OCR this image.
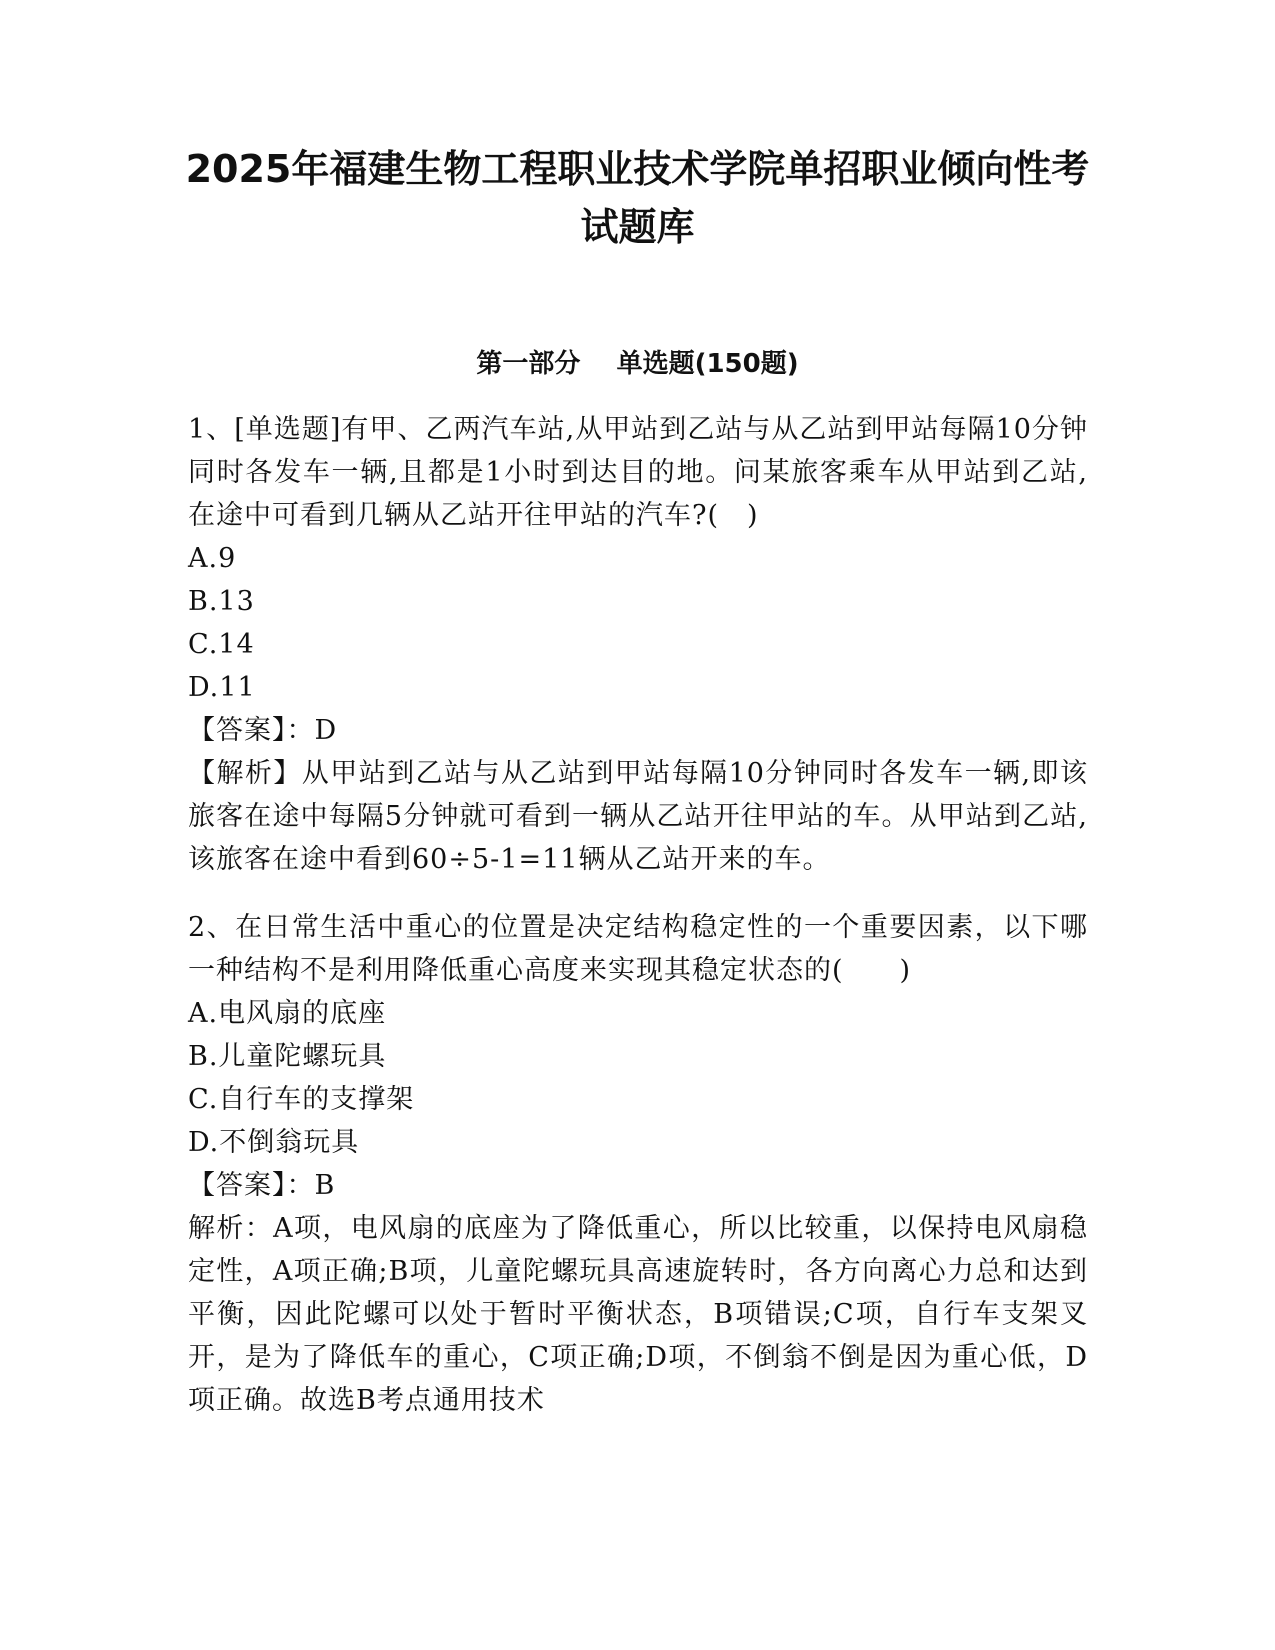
2025年福建生物工程职业技术学院单招职业倾向性考
试题库
第一部分    单选题(150题)

1、[单选题]有甲、乙两汽车站,从甲站到乙站与从乙站到甲站每隔10分钟同时各发车一辆,且都是1小时到达目的地。问某旅客乘车从甲站到乙站,在途中可看到几辆从乙站开往甲站的汽车?( )

A.9

B.13

C.14

D.11

【答案】：D

【解析】从甲站到乙站与从乙站到甲站每隔10分钟同时各发车一辆,即该旅客在途中每隔5分钟就可看到一辆从乙站开往甲站的车。从甲站到乙站,该旅客在途中看到60÷5-1=11辆从乙站开来的车。

2、在日常生活中重心的位置是决定结构稳定性的一个重要因素，以下哪一种结构不是利用降低重心高度来实现其稳定状态的(  )

A.电风扇的底座

B.儿童陀螺玩具

C.自行车的支撑架

D.不倒翁玩具

【答案】：B

解析：A项，电风扇的底座为了降低重心，所以比较重，以保持电风扇稳定性，A项正确;B项，儿童陀螺玩具高速旋转时，各方向离心力总和达到平衡，因此陀螺可以处于暂时平衡状态，B项错误;C项，自行车支架叉开，是为了降低车的重心，C项正确;D项，不倒翁不倒是因为重心低，D项正确。故选B考点通用技术
